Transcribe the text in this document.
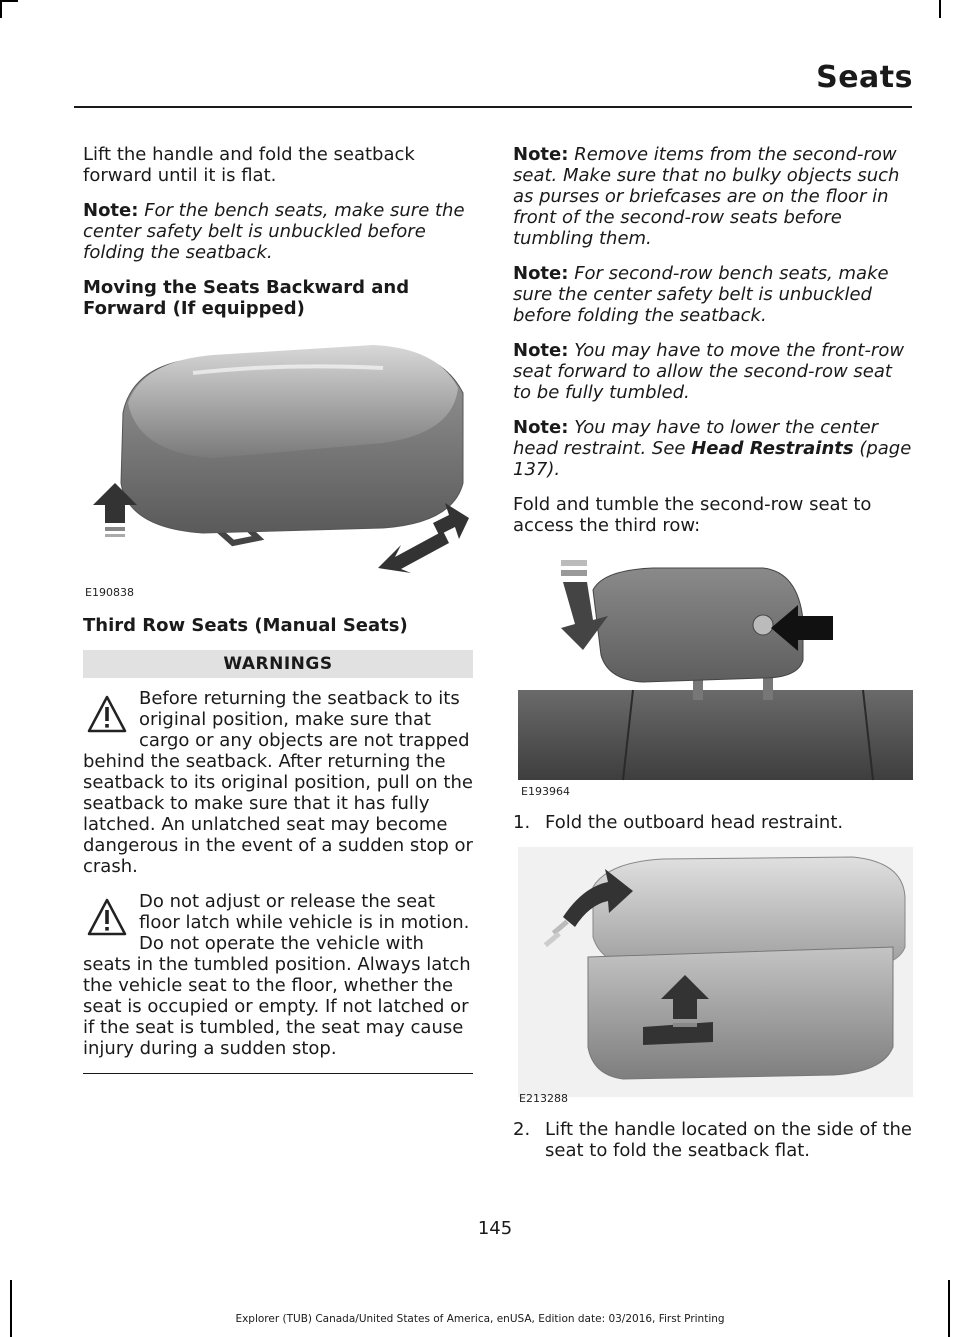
Seats

Lift the handle and fold the seatback forward until it is flat.

Note: For the bench seats, make sure the center safety belt is unbuckled before folding the seatback.

Moving the Seats Backward and Forward (If equipped)
E190838
Third Row Seats (Manual Seats)
WARNINGS
Before returning the seatback to its original position, make sure that cargo or any objects are not trapped behind the seatback. After returning the seatback to its original position, pull on the seatback to make sure that it has fully latched. An unlatched seat may become dangerous in the event of a sudden stop or crash.
Do not adjust or release the seat floor latch while vehicle is in motion. Do not operate the vehicle with seats in the tumbled position. Always latch the vehicle seat to the floor, whether the seat is occupied or empty. If not latched or if the seat is tumbled, the seat may cause injury during a sudden stop.

Note: Remove items from the second-row seat. Make sure that no bulky objects such as purses or briefcases are on the floor in front of the second-row seats before tumbling them.

Note: For second-row bench seats, make sure the center safety belt is unbuckled before folding the seatback.

Note: You may have to move the front-row seat forward to allow the second-row seat to be fully tumbled.

Note: You may have to lower the center head restraint. See Head Restraints (page 137).

Fold and tumble the second-row seat to access the third row:

E193964
1. Fold the outboard head restraint.
E213288
2. Lift the handle located on the side of the seat to fold the seatback flat.
145
Explorer (TUB) Canada/United States of America, enUSA, Edition date: 03/2016, First Printing
